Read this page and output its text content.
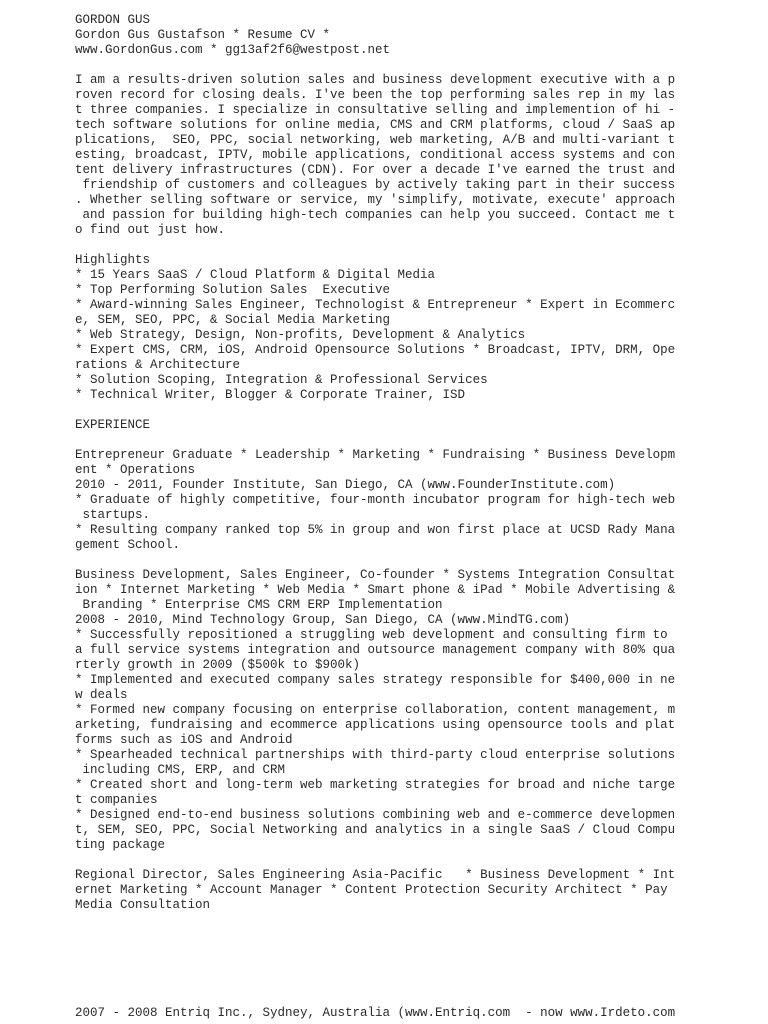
GORDON GUS
Gordon Gus Gustafson * Resume CV *
www.GordonGus.com * gg13af2f6@westpost.net
I am a results-driven solution sales and business development executive with a p
roven record for closing deals. I've been the top performing sales rep in my las
t three companies. I specialize in consultative selling and implemention of hi -
tech software solutions for online media, CMS and CRM platforms, cloud / SaaS ap
plications,  SEO, PPC, social networking, web marketing, A/B and multi-variant t
esting, broadcast, IPTV, mobile applications, conditional access systems and con
tent delivery infrastructures (CDN). For over a decade I've earned the trust and
friendship of customers and colleagues by actively taking part in their success
. Whether selling software or service, my 'simplify, motivate, execute' approach
and passion for building high-tech companies can help you succeed. Contact me t
o find out just how.
Highlights
* 15 Years SaaS / Cloud Platform & Digital Media
* Top Performing Solution Sales  Executive
* Award-winning Sales Engineer, Technologist & Entrepreneur * Expert in Ecommerc
e, SEM, SEO, PPC, & Social Media Marketing
* Web Strategy, Design, Non-profits, Development & Analytics
* Expert CMS, CRM, iOS, Android Opensource Solutions * Broadcast, IPTV, DRM, Ope
rations & Architecture
* Solution Scoping, Integration & Professional Services
* Technical Writer, Blogger & Corporate Trainer, ISD
EXPERIENCE
Entrepreneur Graduate * Leadership * Marketing * Fundraising * Business Developm
ent * Operations
2010 - 2011, Founder Institute, San Diego, CA (www.FounderInstitute.com)
* Graduate of highly competitive, four-month incubator program for high-tech web
startups.
* Resulting company ranked top 5% in group and won first place at UCSD Rady Mana
gement School.
Business Development, Sales Engineer, Co-founder * Systems Integration Consultat
ion * Internet Marketing * Web Media * Smart phone & iPad * Mobile Advertising &
Branding * Enterprise CMS CRM ERP Implementation
2008 - 2010, Mind Technology Group, San Diego, CA (www.MindTG.com)
* Successfully repositioned a struggling web development and consulting firm to
a full service systems integration and outsource management company with 80% qua
rterly growth in 2009 ($500k to $900k)
* Implemented and executed company sales strategy responsible for $400,000 in ne
w deals
* Formed new company focusing on enterprise collaboration, content management, m
arketing, fundraising and ecommerce applications using opensource tools and plat
forms such as iOS and Android
* Spearheaded technical partnerships with third-party cloud enterprise solutions
including CMS, ERP, and CRM
* Created short and long-term web marketing strategies for broad and niche targe
t companies
* Designed end-to-end business solutions combining web and e-commerce developmen
t, SEM, SEO, PPC, Social Networking and analytics in a single SaaS / Cloud Compu
ting package
Regional Director, Sales Engineering Asia-Pacific   * Business Development * Int
ernet Marketing * Account Manager * Content Protection Security Architect * Pay
Media Consultation
2007 - 2008 Entriq Inc., Sydney, Australia (www.Entriq.com  - now www.Irdeto.com
